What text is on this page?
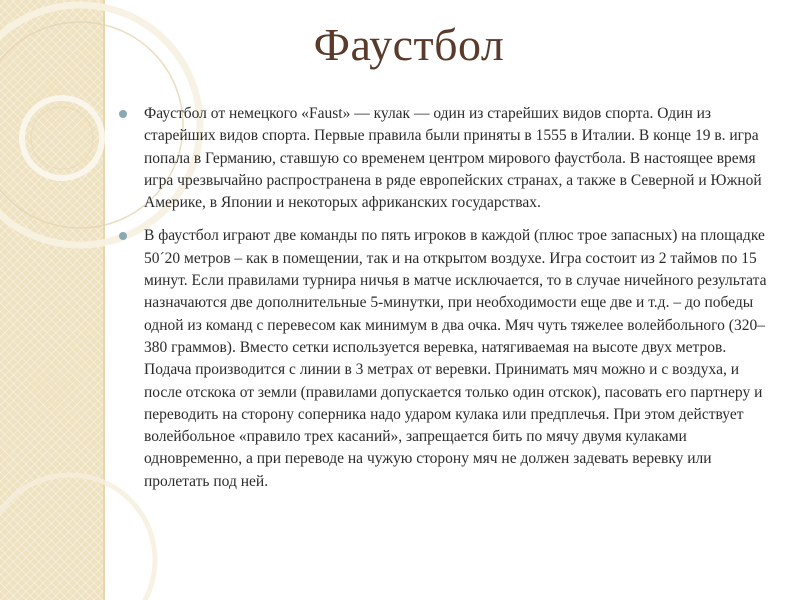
Фаустбол
Фаустбол от немецкого «Faust» — кулак — один из старейших видов спорта. Один из старейших видов спорта. Первые правила были приняты в 1555 в Италии. В конце 19 в. игра попала в Германию, ставшую со временем центром мирового фаустбола. В настоящее время игра чрезвычайно распространена в ряде европейских странах, а также в Северной и Южной Америке, в Японии и некоторых африканских государствах.
В фаустбол играют две команды по пять игроков в каждой (плюс трое запасных) на площадке 50´20 метров – как в помещении, так и на открытом воздухе. Игра состоит из 2 таймов по 15 минут. Если правилами турнира ничья в матче исключается, то в случае ничейного результата назначаются две дополнительные 5-минутки, при необходимости еще две и т.д. – до победы одной из команд с перевесом как минимум в два очка. Мяч чуть тяжелее волейбольного (320–380 граммов). Вместо сетки используется веревка, натягиваемая на высоте двух метров. Подача производится с линии в 3 метрах от веревки. Принимать мяч можно и с воздуха, и после отскока от земли (правилами допускается только один отскок), пасовать его партнеру и переводить на сторону соперника надо ударом кулака или предплечья. При этом действует волейбольное «правило трех касаний», запрещается бить по мячу двумя кулаками одновременно, а при переводе на чужую сторону мяч не должен задевать веревку или пролетать под ней.
